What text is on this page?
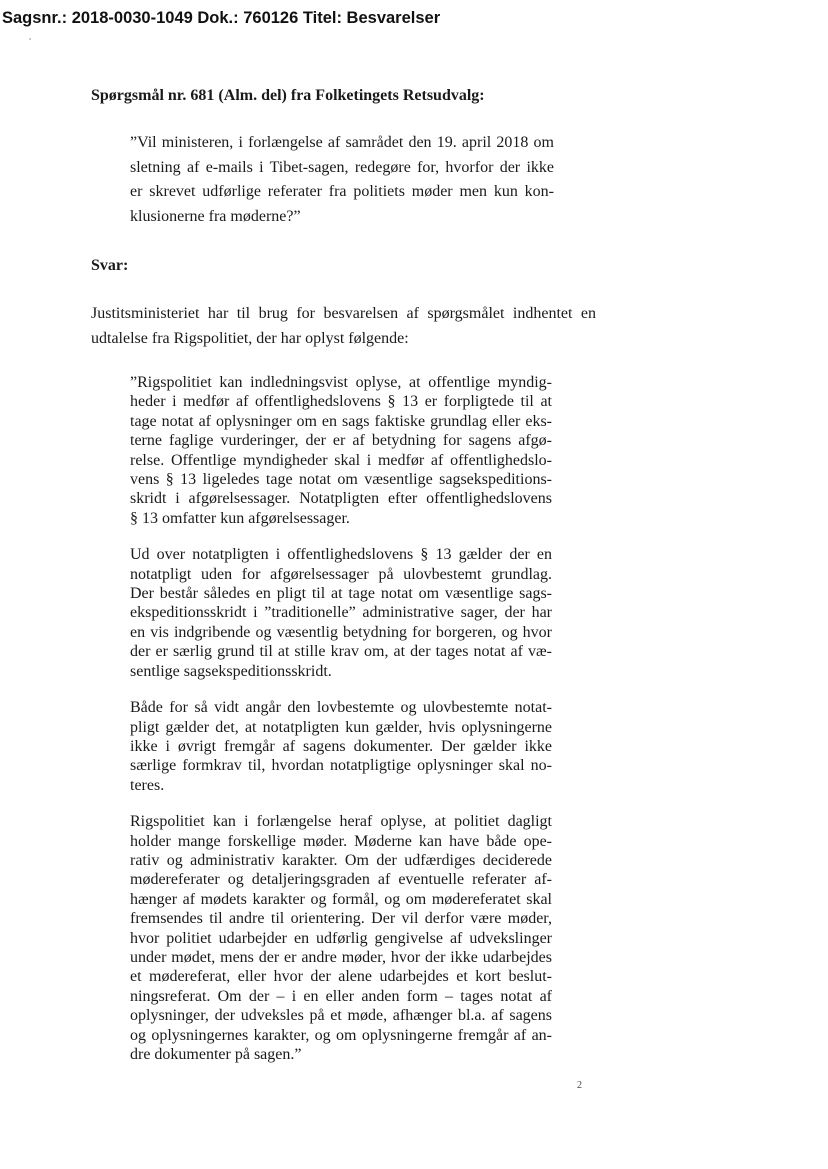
Sagsnr.: 2018-0030-1049 Dok.: 760126 Titel: Besvarelser
Spørgsmål nr. 681 (Alm. del) fra Folketingets Retsudvalg:
”Vil ministeren, i forlængelse af samrådet den 19. april 2018 om
sletning af e-mails i Tibet-sagen, redegøre for, hvorfor der ikke
er skrevet udførlige referater fra politiets møder men kun kon-
klusionerne fra møderne?”
Svar:
Justitsministeriet har til brug for besvarelsen af spørgsmålet indhentet en
udtalelse fra Rigspolitiet, der har oplyst følgende:

”Rigspolitiet kan indledningsvist oplyse, at offentlige myndig-
heder i medfør af offentlighedslovens § 13 er forpligtede til at
tage notat af oplysninger om en sags faktiske grundlag eller eks-
terne faglige vurderinger, der er af betydning for sagens afgø-
relse. Offentlige myndigheder skal i medfør af offentlighedslo-
vens § 13 ligeledes tage notat om væsentlige sagsekspeditions-
skridt i afgørelsessager. Notatpligten efter offentlighedslovens
§ 13 omfatter kun afgørelsessager.

Ud over notatpligten i offentlighedslovens § 13 gælder der en
notatpligt uden for afgørelsessager på ulovbestemt grundlag.
Der består således en pligt til at tage notat om væsentlige sags-
ekspeditionsskridt i ”traditionelle” administrative sager, der har
en vis indgribende og væsentlig betydning for borgeren, og hvor
der er særlig grund til at stille krav om, at der tages notat af væ-
sentlige sagsekspeditionsskridt.

Både for så vidt angår den lovbestemte og ulovbestemte notat-
pligt gælder det, at notatpligten kun gælder, hvis oplysningerne
ikke i øvrigt fremgår af sagens dokumenter. Der gælder ikke
særlige formkrav til, hvordan notatpligtige oplysninger skal no-
teres.

Rigspolitiet kan i forlængelse heraf oplyse, at politiet dagligt
holder mange forskellige møder. Møderne kan have både ope-
rativ og administrativ karakter. Om der udfærdiges deciderede
mødereferater og detaljeringsgraden af eventuelle referater af-
hænger af mødets karakter og formål, og om mødereferatet skal
fremsendes til andre til orientering. Der vil derfor være møder,
hvor politiet udarbejder en udførlig gengivelse af udvekslinger
under mødet, mens der er andre møder, hvor der ikke udarbejdes
et mødereferat, eller hvor der alene udarbejdes et kort beslut-
ningsreferat. Om der – i en eller anden form – tages notat af
oplysninger, der udveksles på et møde, afhænger bl.a. af sagens
og oplysningernes karakter, og om oplysningerne fremgår af an-
dre dokumenter på sagen.”

2
